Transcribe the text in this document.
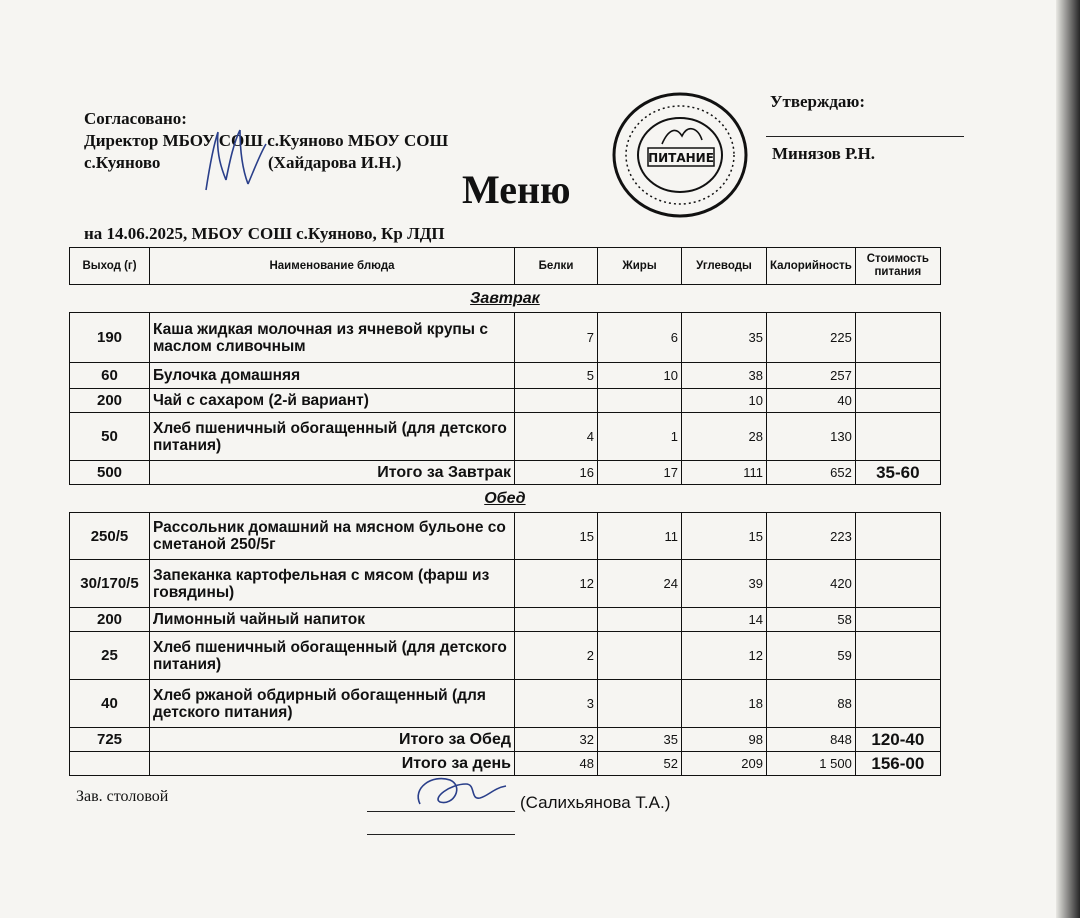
Согласовано:
Директор МБОУ СОШ с.Куяново МБОУ СОШ
с.Куяново	(Хайдарова И.Н.)	ПИТАНИЕ
Утверждаю:
Минязов Р.Н.
Меню
на 14.06.2025, МБОУ СОШ с.Куяново, Кр ЛДП
Выход (г)	Наименование блюда	Белки	Жиры	Углеводы	Калорийность	Стоимость питания
Завтрак						
190	Каша жидкая молочная из ячневой крупы с маслом сливочным	7	6	35	225	
60	Булочка домашняя	5	10	38	257	
200	Чай с сахаром (2-й вариант)			10	40	
50	Хлеб пшеничный обогащенный (для детского питания)	4	1	28	130	
500	Итого за Завтрак	16	17	111	652	35-60
Обед						
250/5	Рассольник домашний на мясном бульоне со сметаной 250/5г	15	11	15	223	
30/170/5	Запеканка картофельная с мясом (фарш из говядины)	12	24	39	420	
200	Лимонный чайный напиток			14	58	
25	Хлеб пшеничный обогащенный (для детского питания)	2		12	59	
40	Хлеб ржаной обдирный обогащенный (для детского питания)	3		18	88	
725	Итого за Обед	32	35	98	848	120-40
	Итого за день	48	52	209	1 500	156-00
Зав. столовой	(Салихьянова Т.А.)
